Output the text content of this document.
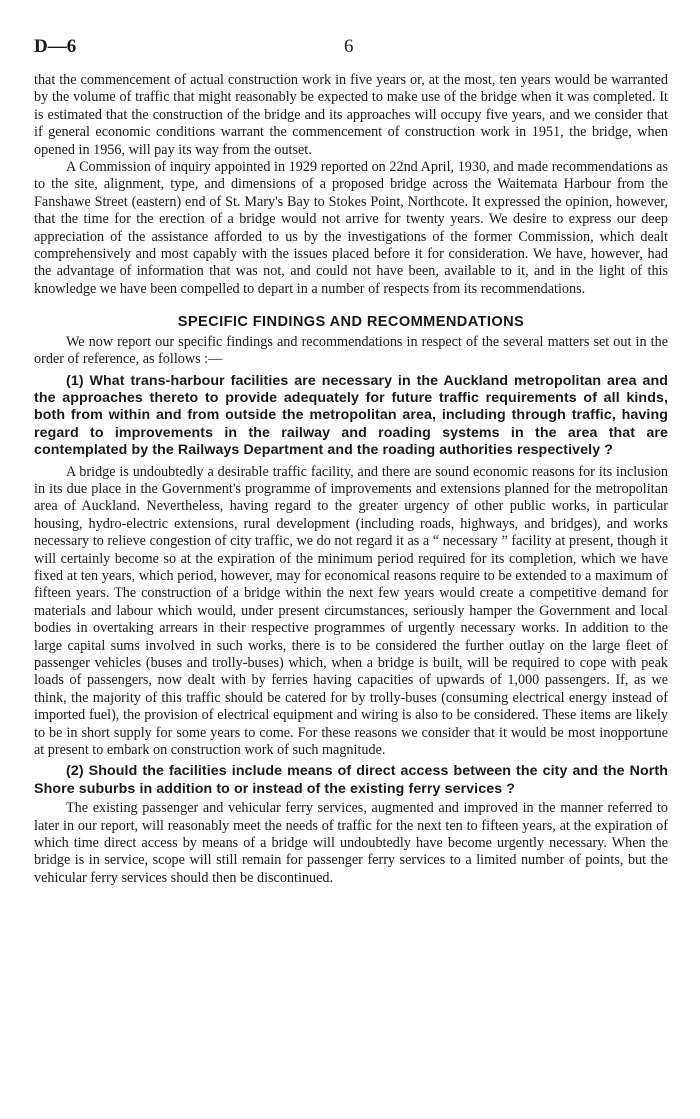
D—6	6

that the commencement of actual construction work in five years or, at the most, ten years would be warranted by the volume of traffic that might reasonably be expected to make use of the bridge when it was completed. It is estimated that the construction of the bridge and its approaches will occupy five years, and we consider that if general economic conditions warrant the commencement of construction work in 1951, the bridge, when opened in 1956, will pay its way from the outset.

A Commission of inquiry appointed in 1929 reported on 22nd April, 1930, and made recommendations as to the site, alignment, type, and dimensions of a proposed bridge across the Waitemata Harbour from the Fanshawe Street (eastern) end of St. Mary's Bay to Stokes Point, Northcote. It expressed the opinion, however, that the time for the erection of a bridge would not arrive for twenty years. We desire to express our deep appreciation of the assistance afforded to us by the investigations of the former Commission, which dealt comprehensively and most capably with the issues placed before it for consideration. We have, however, had the advantage of information that was not, and could not have been, available to it, and in the light of this knowledge we have been compelled to depart in a number of respects from its recommendations.

SPECIFIC FINDINGS AND RECOMMENDATIONS

We now report our specific findings and recommendations in respect of the several matters set out in the order of reference, as follows :—

(1) What trans-harbour facilities are necessary in the Auckland metropolitan area and the approaches thereto to provide adequately for future traffic requirements of all kinds, both from within and from outside the metropolitan area, including through traffic, having regard to improvements in the railway and roading systems in the area that are contemplated by the Railways Department and the roading authorities respectively ?

A bridge is undoubtedly a desirable traffic facility, and there are sound economic reasons for its inclusion in its due place in the Government's programme of improvements and extensions planned for the metropolitan area of Auckland. Nevertheless, having regard to the greater urgency of other public works, in particular housing, hydro-electric extensions, rural development (including roads, highways, and bridges), and works necessary to relieve congestion of city traffic, we do not regard it as a “ necessary ” facility at present, though it will certainly become so at the expiration of the minimum period required for its completion, which we have fixed at ten years, which period, however, may for economical reasons require to be extended to a maximum of fifteen years. The construction of a bridge within the next few years would create a competitive demand for materials and labour which would, under present circumstances, seriously hamper the Government and local bodies in overtaking arrears in their respective programmes of urgently necessary works. In addition to the large capital sums involved in such works, there is to be considered the further outlay on the large fleet of passenger vehicles (buses and trolly-buses) which, when a bridge is built, will be required to cope with peak loads of passengers, now dealt with by ferries having capacities of upwards of 1,000 passengers. If, as we think, the majority of this traffic should be catered for by trolly-buses (consuming electrical energy instead of imported fuel), the provision of electrical equipment and wiring is also to be considered. These items are likely to be in short supply for some years to come. For these reasons we consider that it would be most inopportune at present to embark on construction work of such magnitude.

(2) Should the facilities include means of direct access between the city and the North Shore suburbs in addition to or instead of the existing ferry services ?

The existing passenger and vehicular ferry services, augmented and improved in the manner referred to later in our report, will reasonably meet the needs of traffic for the next ten to fifteen years, at the expiration of which time direct access by means of a bridge will undoubtedly have become urgently necessary. When the bridge is in service, scope will still remain for passenger ferry services to a limited number of points, but the vehicular ferry services should then be discontinued.
